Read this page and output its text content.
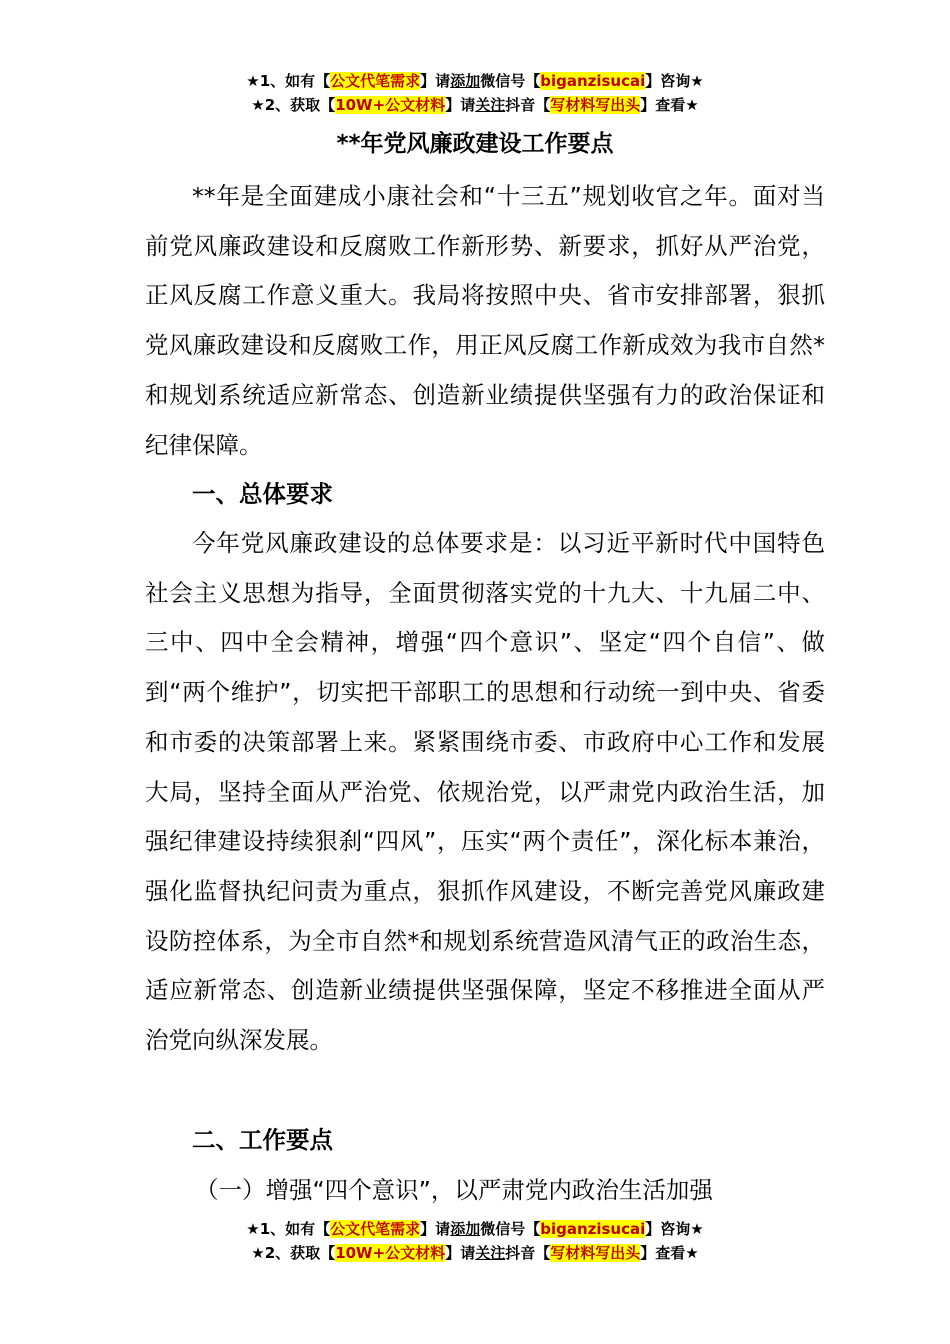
★1、如有【公文代笔需求】请添加微信号【biganzisucai】咨询★
★2、获取【10W+公文材料】请关注抖音【写材料写出头】查看★
**年党风廉政建设工作要点

**年是全面建成小康社会和“十三五”规划收官之年。面对当前党风廉政建设和反腐败工作新形势、新要求，抓好从严治党，正风反腐工作意义重大。我局将按照中央、省市安排部署，狠抓党风廉政建设和反腐败工作，用正风反腐工作新成效为我市自然*和规划系统适应新常态、创造新业绩提供坚强有力的政治保证和纪律保障。

一、总体要求

今年党风廉政建设的总体要求是：以习近平新时代中国特色社会主义思想为指导，全面贯彻落实党的十九大、十九届二中、三中、四中全会精神，增强“四个意识”、坚定“四个自信”、做到“两个维护”，切实把干部职工的思想和行动统一到中央、省委和市委的决策部署上来。紧紧围绕市委、市政府中心工作和发展大局，坚持全面从严治党、依规治党，以严肃党内政治生活，加强纪律建设持续狠刹“四风”，压实“两个责任”，深化标本兼治，强化监督执纪问责为重点，狠抓作风建设，不断完善党风廉政建设防控体系，为全市自然*和规划系统营造风清气正的政治生态，适应新常态、创造新业绩提供坚强保障，坚定不移推进全面从严治党向纵深发展。

二、工作要点
（一）增强“四个意识”，以严肃党内政治生活加强
★1、如有【公文代笔需求】请添加微信号【biganzisucai】咨询★
★2、获取【10W+公文材料】请关注抖音【写材料写出头】查看★
